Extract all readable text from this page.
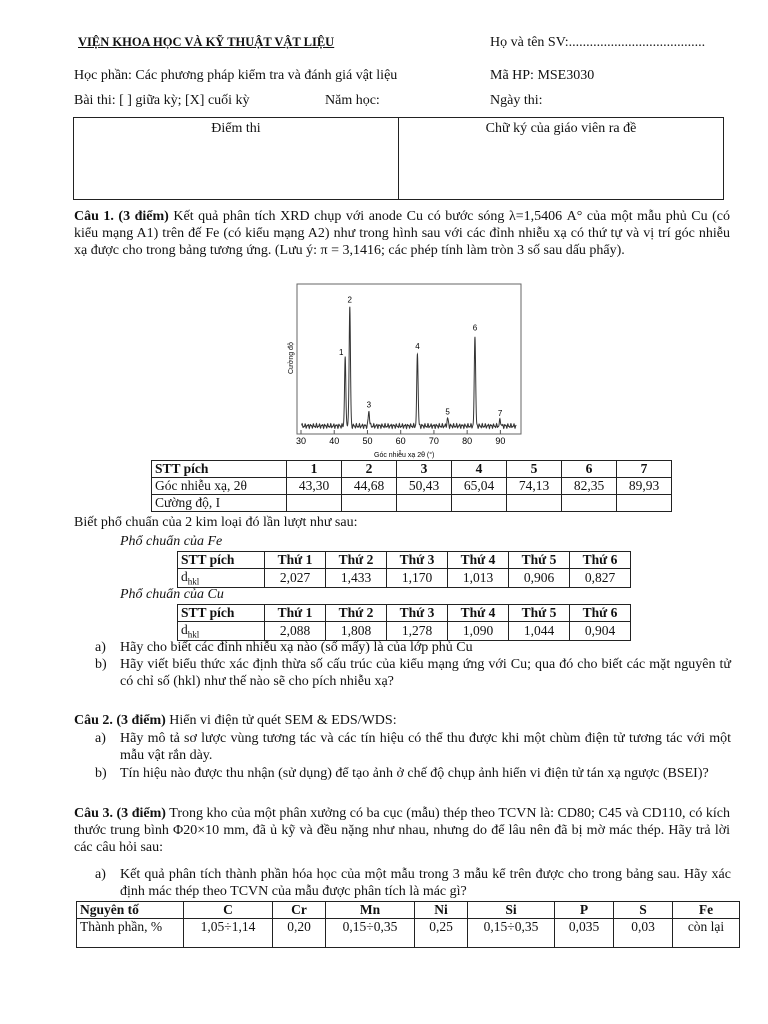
VIỆN KHOA HỌC VÀ KỸ THUẬT VẬT LIỆU	Họ và tên SV:.......................................
Học phần: Các phương pháp kiểm tra và đánh giá vật liệu	Mã HP: MSE3030
Bài thi: [ ] giữa kỳ; [X] cuối kỳ	Năm học:	Ngày thi:
Điểm thi	Chữ ký của giáo viên ra đề
Câu 1. (3 điểm) Kết quả phân tích XRD chụp với anode Cu có bước sóng λ=1,5406 A° của một mẫu phủ Cu (có kiểu mạng A1) trên đế Fe (có kiểu mạng A2) như trong hình sau với các đỉnh nhiễu xạ có thứ tự và vị trí góc nhiễu xạ được cho trong bảng tương ứng. (Lưu ý: π = 3,1416; các phép tính làm tròn 3 số sau dấu phẩy).
30	40	50	60	70	80	90
1
2
3
4
5
6
7
Cường độ
Góc nhiễu xạ 2θ (°)
STT pích	1	2	3	4	5	6	7
Góc nhiễu xạ, 2θ	43,30	44,68	50,43	65,04	74,13	82,35	89,93
Cường độ, I							
Biết phổ chuẩn của 2 kim loại đó lần lượt như sau:
Phổ chuẩn của Fe
STT pích	Thứ 1	Thứ 2	Thứ 3	Thứ 4	Thứ 5	Thứ 6
$d_{hkl}$	2,027	1,433	1,170	1,013	0,906	0,827
Phổ chuẩn của Cu
STT pích	Thứ 1	Thứ 2	Thứ 3	Thứ 4	Thứ 5	Thứ 6
$d_{hkl}$	2,088	1,808	1,278	1,090	1,044	0,904
a) Hãy cho biết các đỉnh nhiễu xạ nào (số mấy) là của lớp phủ Cu
b) Hãy viết biểu thức xác định thừa số cấu trúc của kiểu mạng ứng với Cu; qua đó cho biết các mặt nguyên tử có chỉ số (hkl) như thế nào sẽ cho pích nhiễu xạ?
Câu 2. (3 điểm) Hiển vi điện tử quét SEM & EDS/WDS:
a) Hãy mô tả sơ lược vùng tương tác và các tín hiệu có thể thu được khi một chùm điện tử tương tác với một mẫu vật rắn dày.
b) Tín hiệu nào được thu nhận (sử dụng) để tạo ảnh ở chế độ chụp ảnh hiển vi điện tử tán xạ ngược (BSEI)?
Câu 3. (3 điểm) Trong kho của một phân xưởng có ba cục (mẫu) thép theo TCVN là: CD80; C45 và CD110, có kích thước trung bình Φ20×10 mm, đã ủ kỹ và đều nặng như nhau, nhưng do để lâu nên đã bị mờ mác thép. Hãy trả lời các câu hỏi sau:
a) Kết quả phân tích thành phần hóa học của một mẫu trong 3 mẫu kể trên được cho trong bảng sau. Hãy xác định mác thép theo TCVN của mẫu được phân tích là mác gì?
Nguyên tố	C	Cr	Mn	Ni	Si	P	S	Fe
Thành phần, %	1,05÷1,14	0,20	0,15÷0,35	0,25	0,15÷0,35	0,035	0,03	còn lại
